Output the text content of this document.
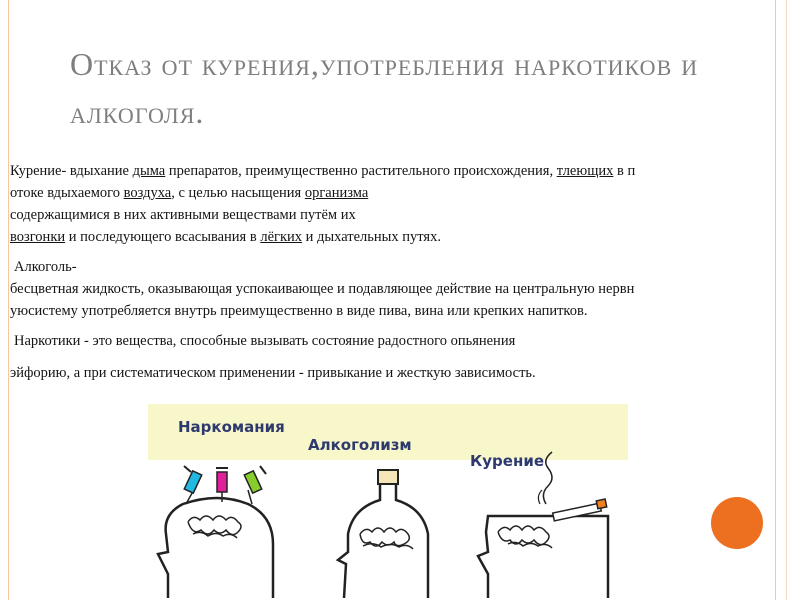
Отказ от курения,употребления наркотиков и
алкоголя.

Курение- вдыхание дыма препаратов, преимущественно растительного происхождения, тлеющих в п
отоке вдыхаемого воздуха, с целью насыщения организма
содержащимися в них активными веществами путём их
возгонки и последующего всасывания в лёгких и дыхательных путях.

Алкоголь-
бесцветная жидкость, оказывающая успокаивающее и подавляющее действие на центральную нервн
уюсистему употребляется внутрь преимущественно в виде пива, вина или крепких напитков.

Наркотики - это вещества, способные вызывать состояние радостного опьянения

эйфорию, а при систематическом применении - привыкание и жесткую зависимость.

Наркомания
Алкоголизм
Курение
